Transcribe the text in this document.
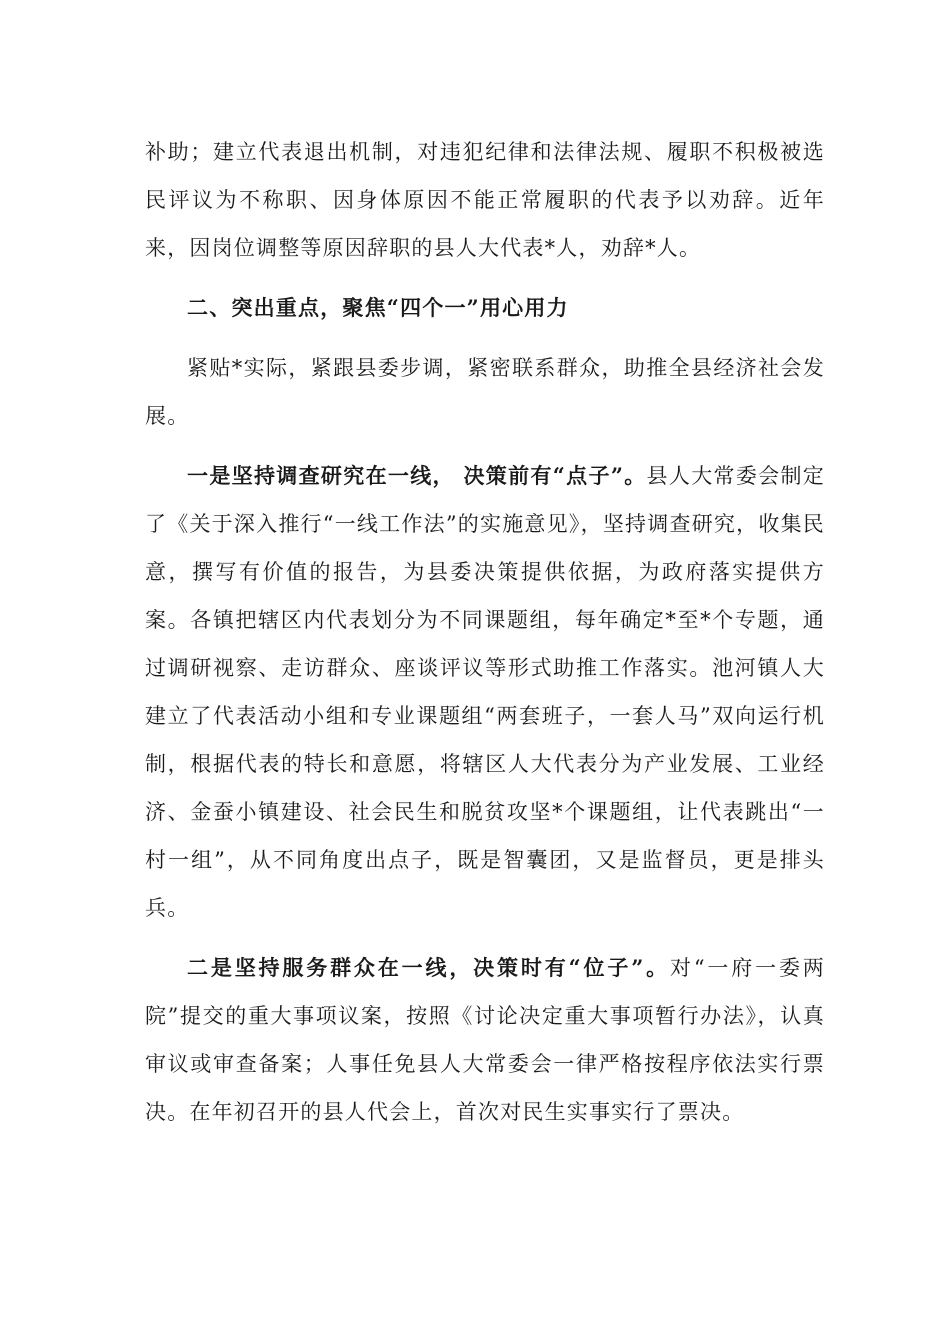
补助；建立代表退出机制，对违犯纪律和法律法规、履职不积极被选民评议为不称职、因身体原因不能正常履职的代表予以劝辞。近年来，因岗位调整等原因辞职的县人大代表*人，劝辞*人。

二、突出重点，聚焦“四个一”用心用力

紧贴*实际，紧跟县委步调，紧密联系群众，助推全县经济社会发展。

一是坚持调查研究在一线， 决策前有“点子”。县人大常委会制定了《关于深入推行“一线工作法”的实施意见》，坚持调查研究，收集民意，撰写有价值的报告，为县委决策提供依据，为政府落实提供方案。各镇把辖区内代表划分为不同课题组，每年确定*至*个专题，通过调研视察、走访群众、座谈评议等形式助推工作落实。池河镇人大建立了代表活动小组和专业课题组“两套班子，一套人马”双向运行机制，根据代表的特长和意愿，将辖区人大代表分为产业发展、工业经济、金蚕小镇建设、社会民生和脱贫攻坚*个课题组，让代表跳出“一村一组”，从不同角度出点子，既是智囊团，又是监督员，更是排头兵。

二是坚持服务群众在一线，决策时有“位子”。对“一府一委两院”提交的重大事项议案，按照《讨论决定重大事项暂行办法》，认真审议或审查备案；人事任免县人大常委会一律严格按程序依法实行票决。在年初召开的县人代会上，首次对民生实事实行了票决。
